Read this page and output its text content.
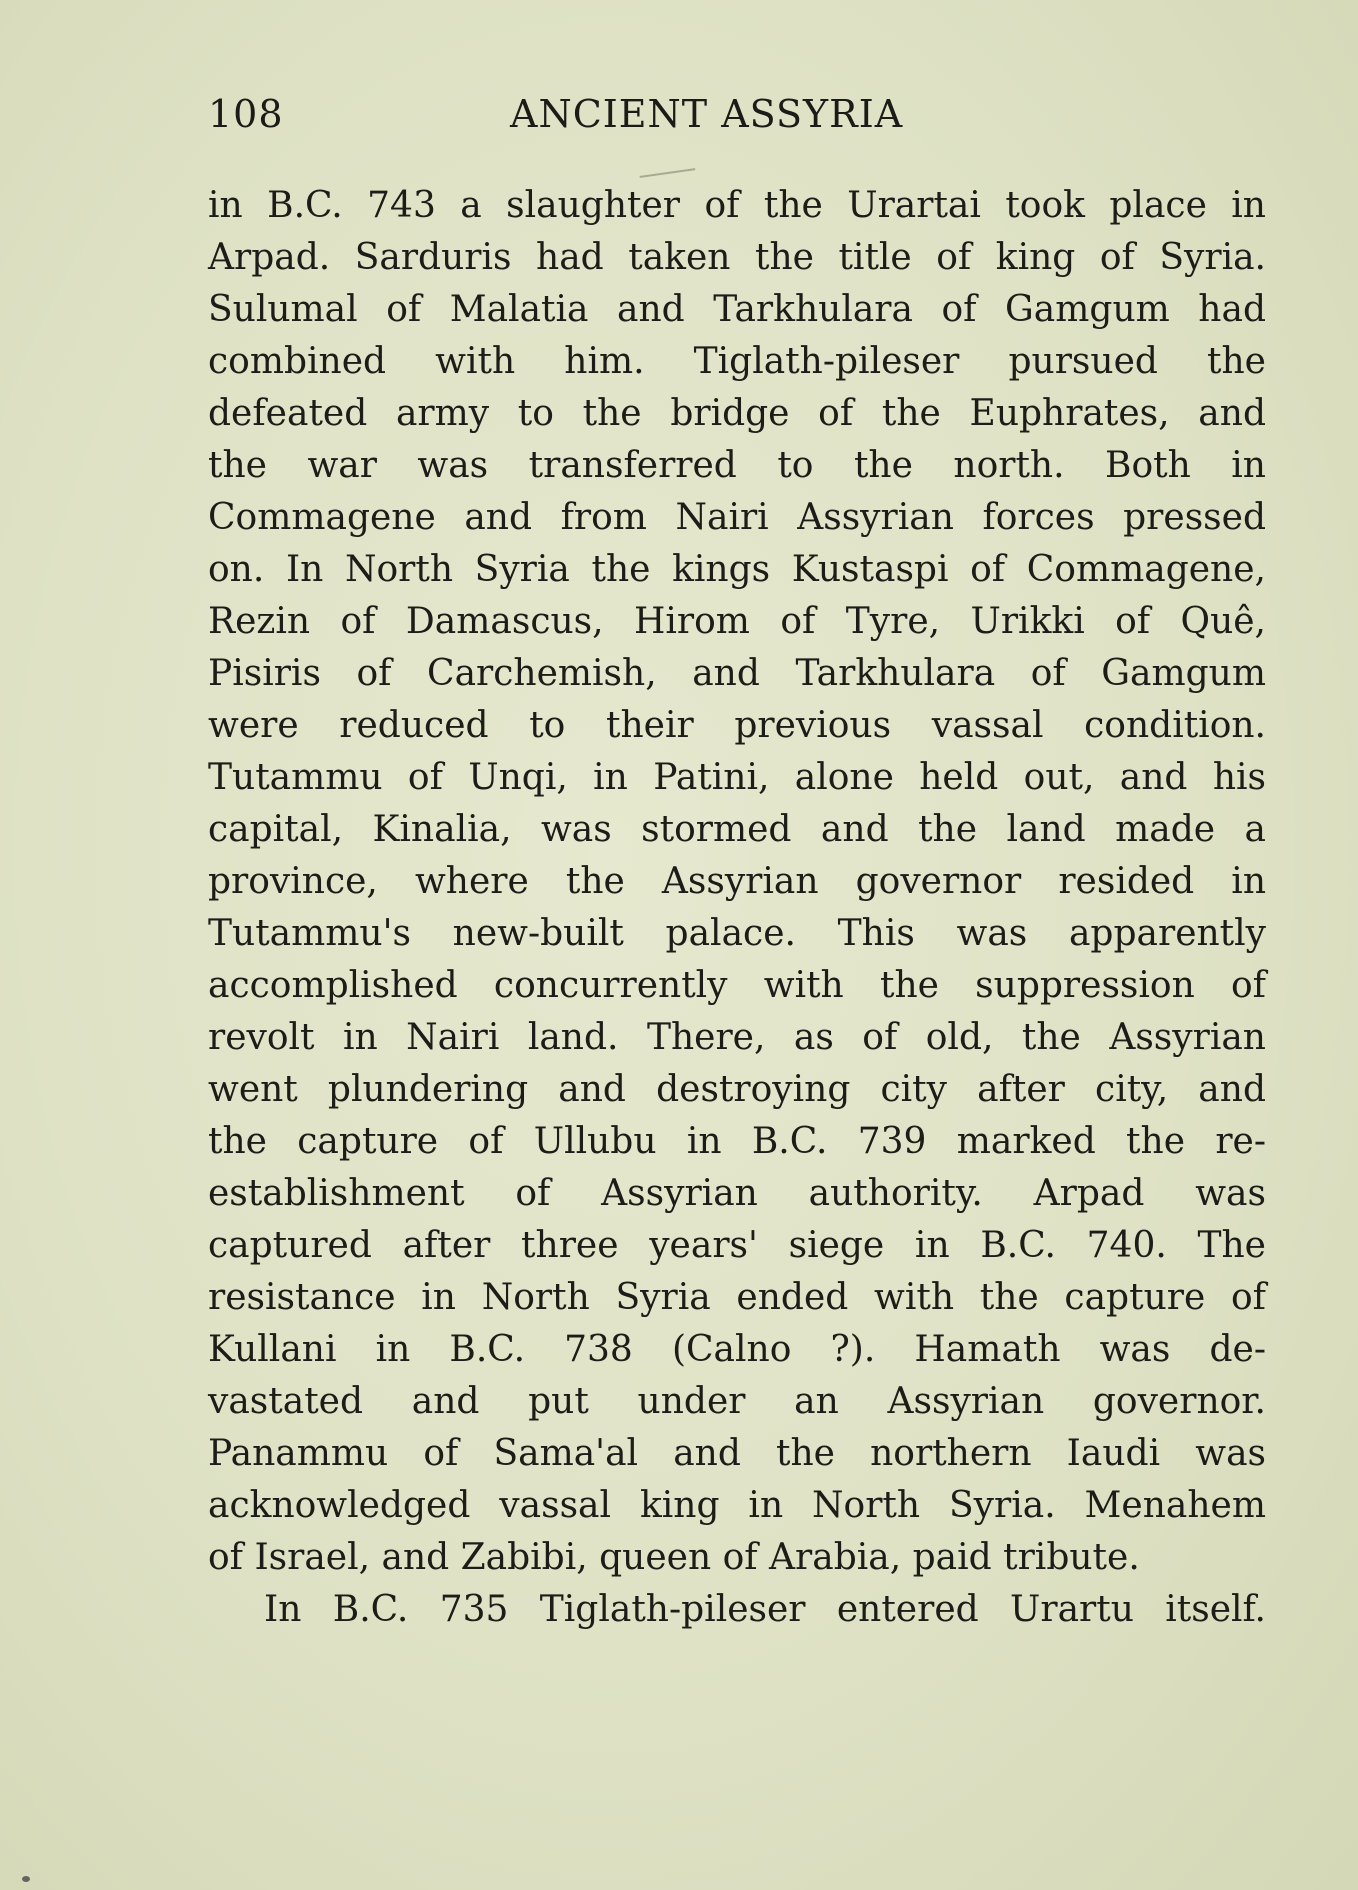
108	ANCIENT ASSYRIA
in B.C. 743 a slaughter of the Urartai took place in
Arpad. Sarduris had taken the title of king of Syria.
Sulumal of Malatia and Tarkhulara of Gamgum had
combined with him. Tiglath-pileser pursued the
defeated army to the bridge of the Euphrates, and
the war was transferred to the north. Both in
Commagene and from Nairi Assyrian forces pressed
on. In North Syria the kings Kustaspi of Commagene,
Rezin of Damascus, Hirom of Tyre, Urikki of Quê,
Pisiris of Carchemish, and Tarkhulara of Gamgum
were reduced to their previous vassal condition.
Tutammu of Unqi, in Patini, alone held out, and his
capital, Kinalia, was stormed and the land made a
province, where the Assyrian governor resided in
Tutammu's new-built palace. This was apparently
accomplished concurrently with the suppression of
revolt in Nairi land. There, as of old, the Assyrian
went plundering and destroying city after city, and
the capture of Ullubu in B.C. 739 marked the re-
establishment of Assyrian authority. Arpad was
captured after three years' siege in B.C. 740. The
resistance in North Syria ended with the capture of
Kullani in B.C. 738 (Calno ?). Hamath was de-
vastated and put under an Assyrian governor.
Panammu of Sama'al and the northern Iaudi was
acknowledged vassal king in North Syria. Menahem
of Israel, and Zabibi, queen of Arabia, paid tribute.
In B.C. 735 Tiglath-pileser entered Urartu itself.
